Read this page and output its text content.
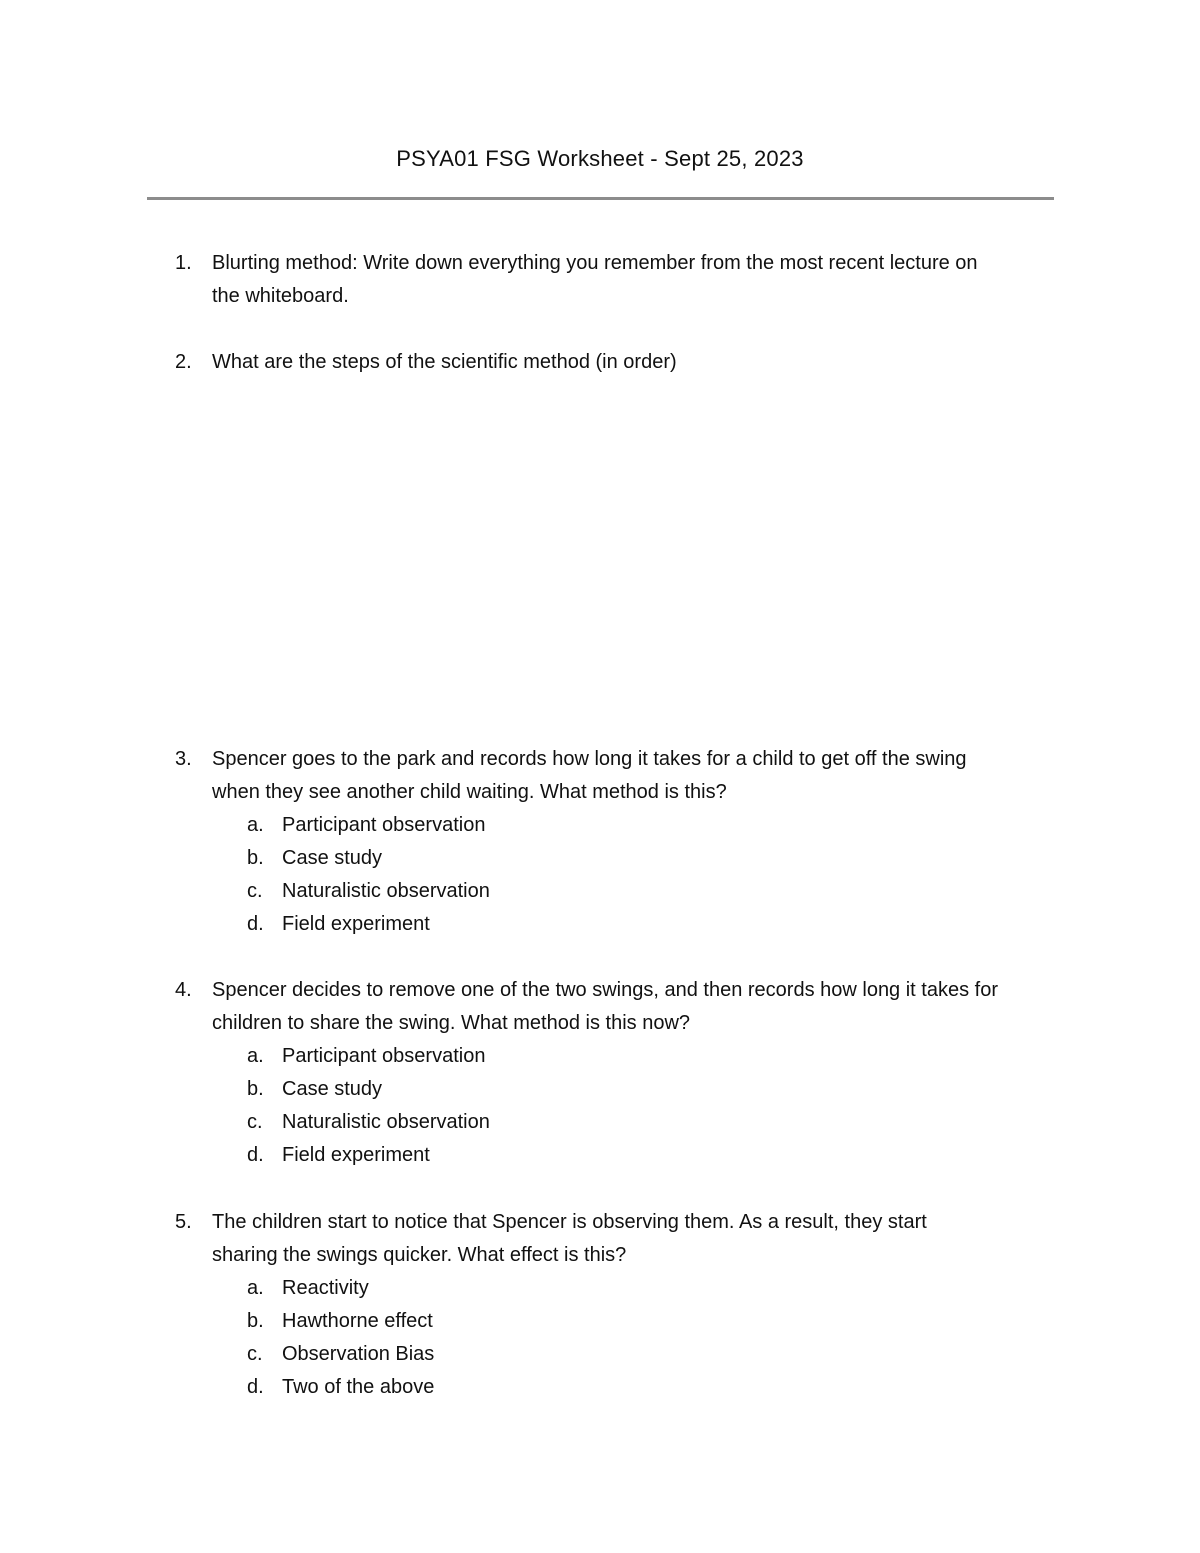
PSYA01 FSG Worksheet - Sept 25, 2023
1.	Blurting method: Write down everything you remember from the most recent lecture on
the whiteboard.
2.	What are the steps of the scientific method (in order)
3.	Spencer goes to the park and records how long it takes for a child to get off the swing
when they see another child waiting. What method is this?
a. Participant observation
b. Case study
c. Naturalistic observation
d. Field experiment
4.	Spencer decides to remove one of the two swings, and then records how long it takes for
children to share the swing. What method is this now?
a. Participant observation
b. Case study
c. Naturalistic observation
d. Field experiment
5.	The children start to notice that Spencer is observing them. As a result, they start
sharing the swings quicker. What effect is this?
a. Reactivity
b. Hawthorne effect
c. Observation Bias
d. Two of the above
